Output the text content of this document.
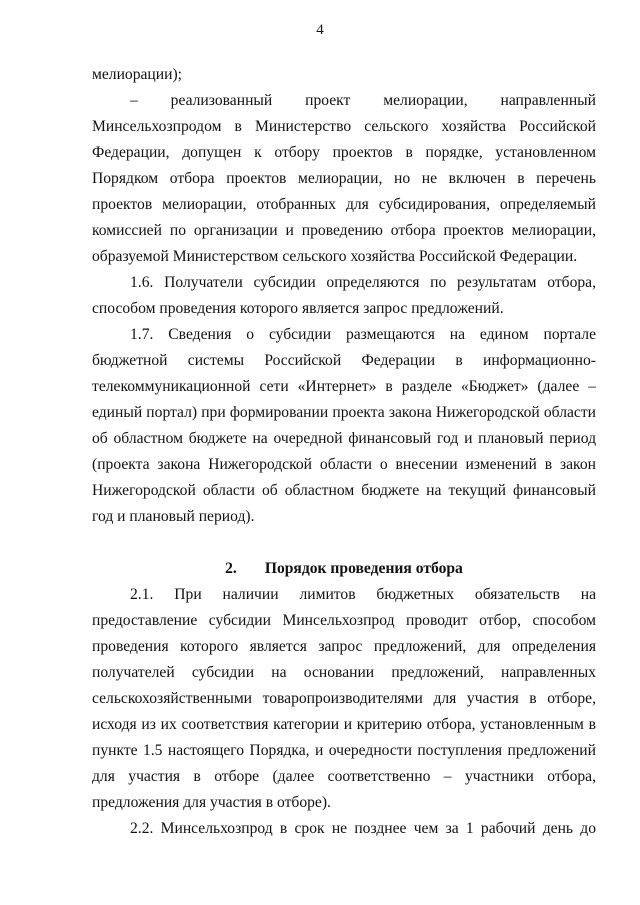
4

мелиорации);

– реализованный проект мелиорации, направленный Минсельхозпродом в Министерство сельского хозяйства Российской Федерации, допущен к отбору проектов в порядке, установленном Порядком отбора проектов мелиорации, но не включен в перечень проектов мелиорации, отобранных для субсидирования, определяемый комиссией по организации и проведению отбора проектов мелиорации, образуемой Министерством сельского хозяйства Российской Федерации.

1.6. Получатели субсидии определяются по результатам отбора, способом проведения которого является запрос предложений.

1.7. Сведения о субсидии размещаются на едином портале бюджетной системы Российской Федерации в информационно-телекоммуникационной сети «Интернет» в разделе «Бюджет» (далее – единый портал) при формировании проекта закона Нижегородской области об областном бюджете на очередной финансовый год и плановый период (проекта закона Нижегородской области о внесении изменений в закон Нижегородской области об областном бюджете на текущий финансовый год и плановый период).

2. Порядок проведения отбора

2.1. При наличии лимитов бюджетных обязательств на предоставление субсидии Минсельхозпрод проводит отбор, способом проведения которого является запрос предложений, для определения получателей субсидии на основании предложений, направленных сельскохозяйственными товаропроизводителями для участия в отборе, исходя из их соответствия категории и критерию отбора, установленным в пункте 1.5 настоящего Порядка, и очередности поступления предложений для участия в отборе (далее соответственно – участники отбора, предложения для участия в отборе).

2.2. Минсельхозпрод в срок не позднее чем за 1 рабочий день до
